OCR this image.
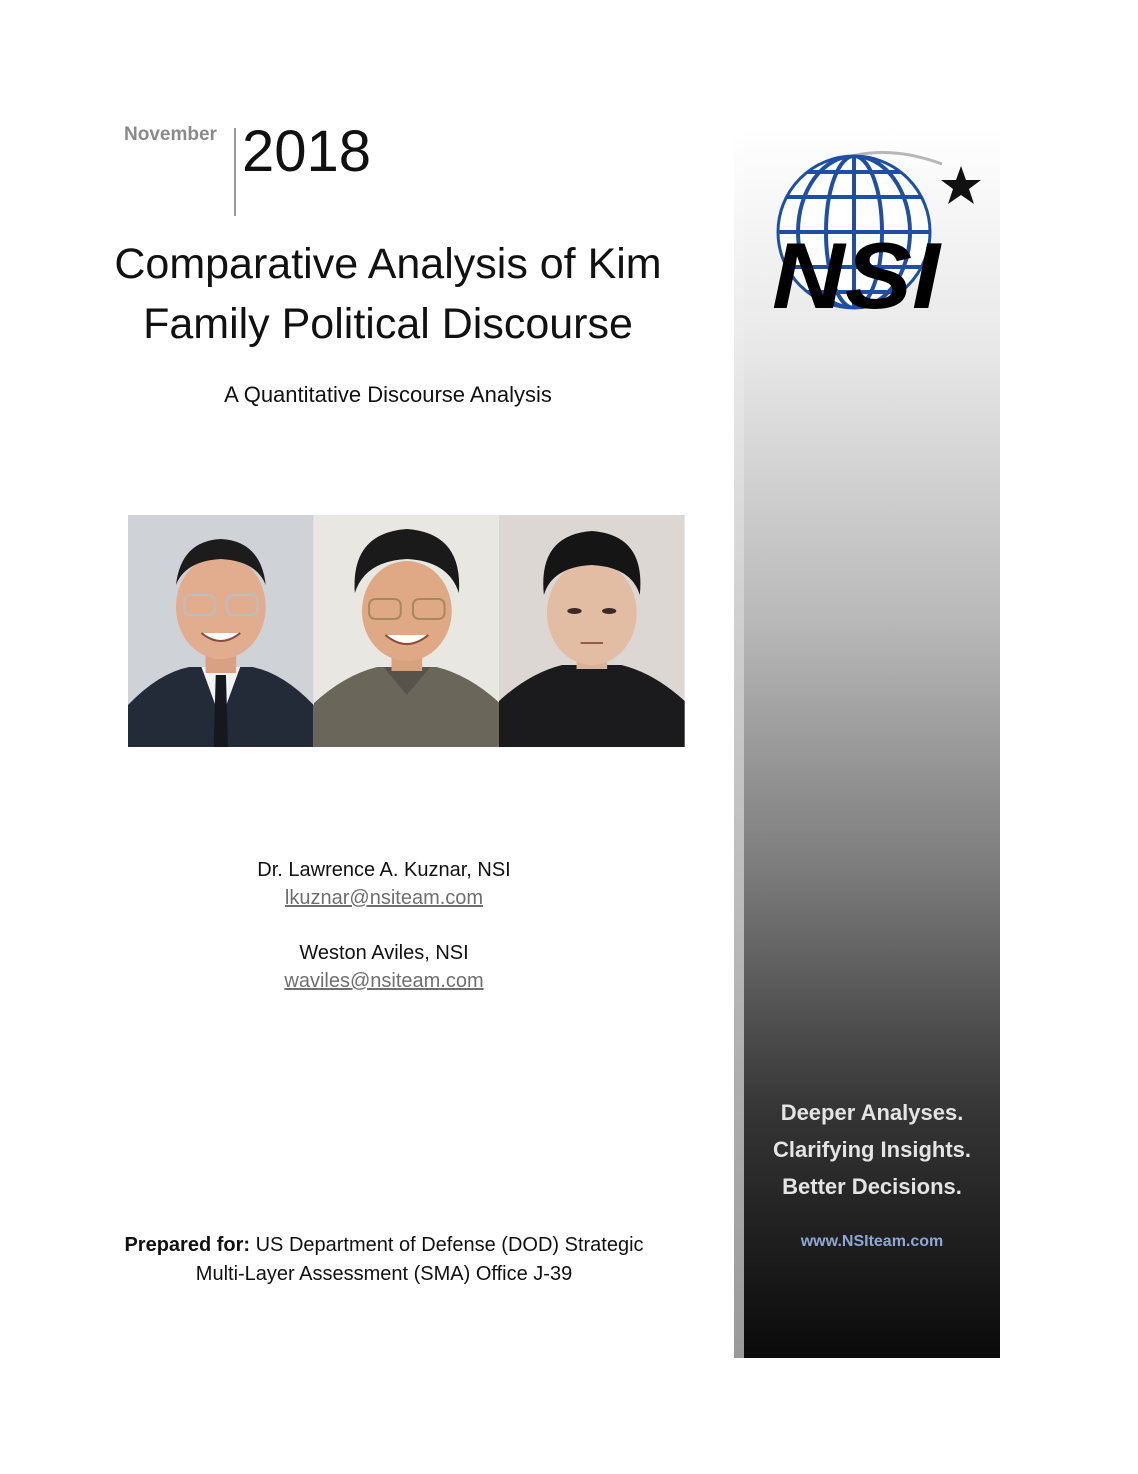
November 2018
Comparative Analysis of Kim
Family Political Discourse
A Quantitative Discourse Analysis
Dr. Lawrence A. Kuznar, NSI
lkuznar@nsiteam.com
Weston Aviles, NSI
waviles@nsiteam.com
Prepared for: US Department of Defense (DOD) Strategic
Multi-Layer Assessment (SMA) Office J-39
NSI
Deeper Analyses.
Clarifying Insights.
Better Decisions.
www.NSIteam.com
